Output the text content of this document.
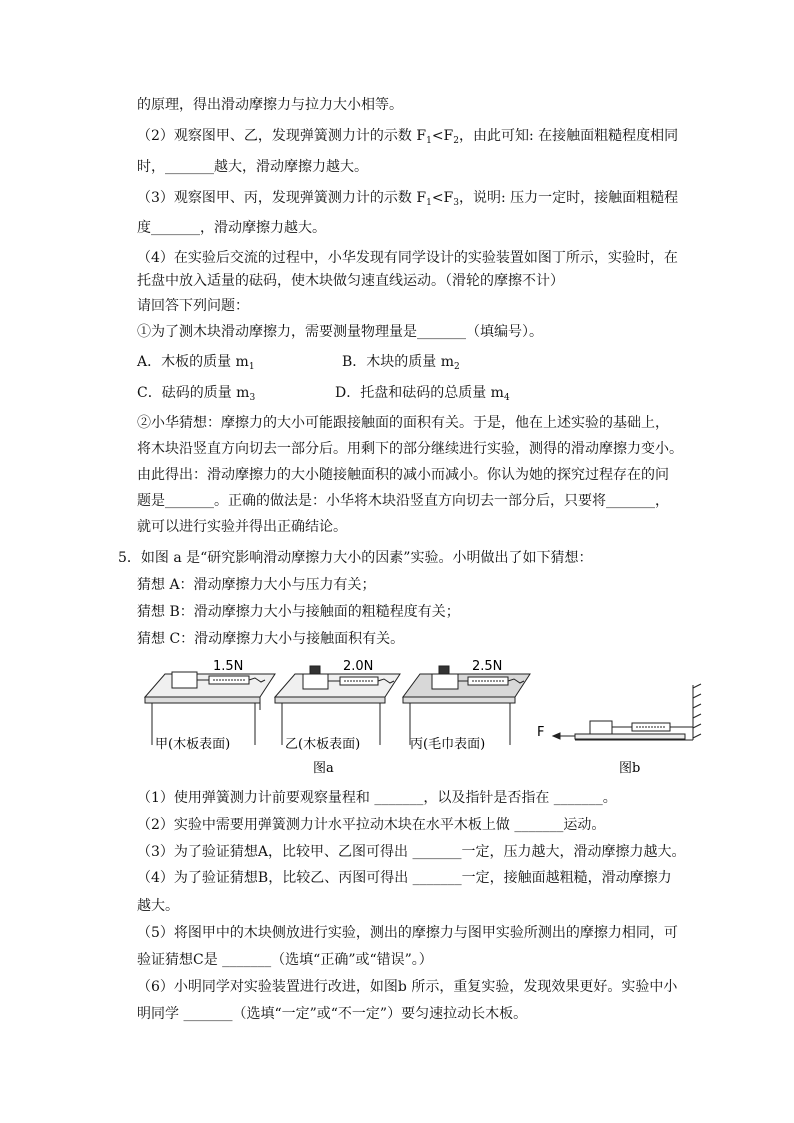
的原理，得出滑动摩擦力与拉力大小相等。
（2）观察图甲、乙，发现弹簧测力计的示数 $F_1<F_2$，由此可知: 在接触面粗糙程度相同
时，_______越大，滑动摩擦力越大。
（3）观察图甲、丙，发现弹簧测力计的示数 $F_1<F_3$，说明: 压力一定时，接触面粗糙程
度_______，滑动摩擦力越大。
（4）在实验后交流的过程中，小华发现有同学设计的实验装置如图丁所示，实验时，在
托盘中放入适量的砝码，使木块做匀速直线运动。（滑轮的摩擦不计）
请回答下列问题：
①为了测木块滑动摩擦力，需要测量物理量是_______（填编号）。
A．木板的质量 $m_1$	B．木块的质量 $m_2$
C．砝码的质量 $m_3$	D．托盘和砝码的总质量 $m_4$
②小华猜想：摩擦力的大小可能跟接触面的面积有关。于是，他在上述实验的基础上，
将木块沿竖直方向切去一部分后。用剩下的部分继续进行实验，测得的滑动摩擦力变小。
由此得出：滑动摩擦力的大小随接触面积的减小而减小。你认为她的探究过程存在的问
题是_______。正确的做法是：小华将木块沿竖直方向切去一部分后，只要将_______，
就可以进行实验并得出正确结论。
5．如图 a 是“研究影响滑动摩擦力大小的因素”实验。小明做出了如下猜想：
猜想 A：滑动摩擦力大小与压力有关；
猜想 B：滑动摩擦力大小与接触面的粗糙程度有关；
猜想 C：滑动摩擦力大小与接触面积有关。
1.5N	2.0N	2.5N
F
甲(木板表面)	乙(木板表面)	丙(毛巾表面)
图a	图b
（1）使用弹簧测力计前要观察量程和 _______，以及指针是否指在 _______。
（2）实验中需要用弹簧测力计水平拉动木块在水平木板上做 _______运动。
（3）为了验证猜想A，比较甲、乙图可得出 _______一定，压力越大，滑动摩擦力越大。
（4）为了验证猜想B，比较乙、丙图可得出 _______一定，接触面越粗糙，滑动摩擦力
越大。
（5）将图甲中的木块侧放进行实验，测出的摩擦力与图甲实验所测出的摩擦力相同，可
验证猜想C是 _______（选填“正确”或“错误”。）
（6）小明同学对实验装置进行改进，如图b 所示，重复实验，发现效果更好。实验中小
明同学 _______（选填“一定”或“不一定”）要匀速拉动长木板。
